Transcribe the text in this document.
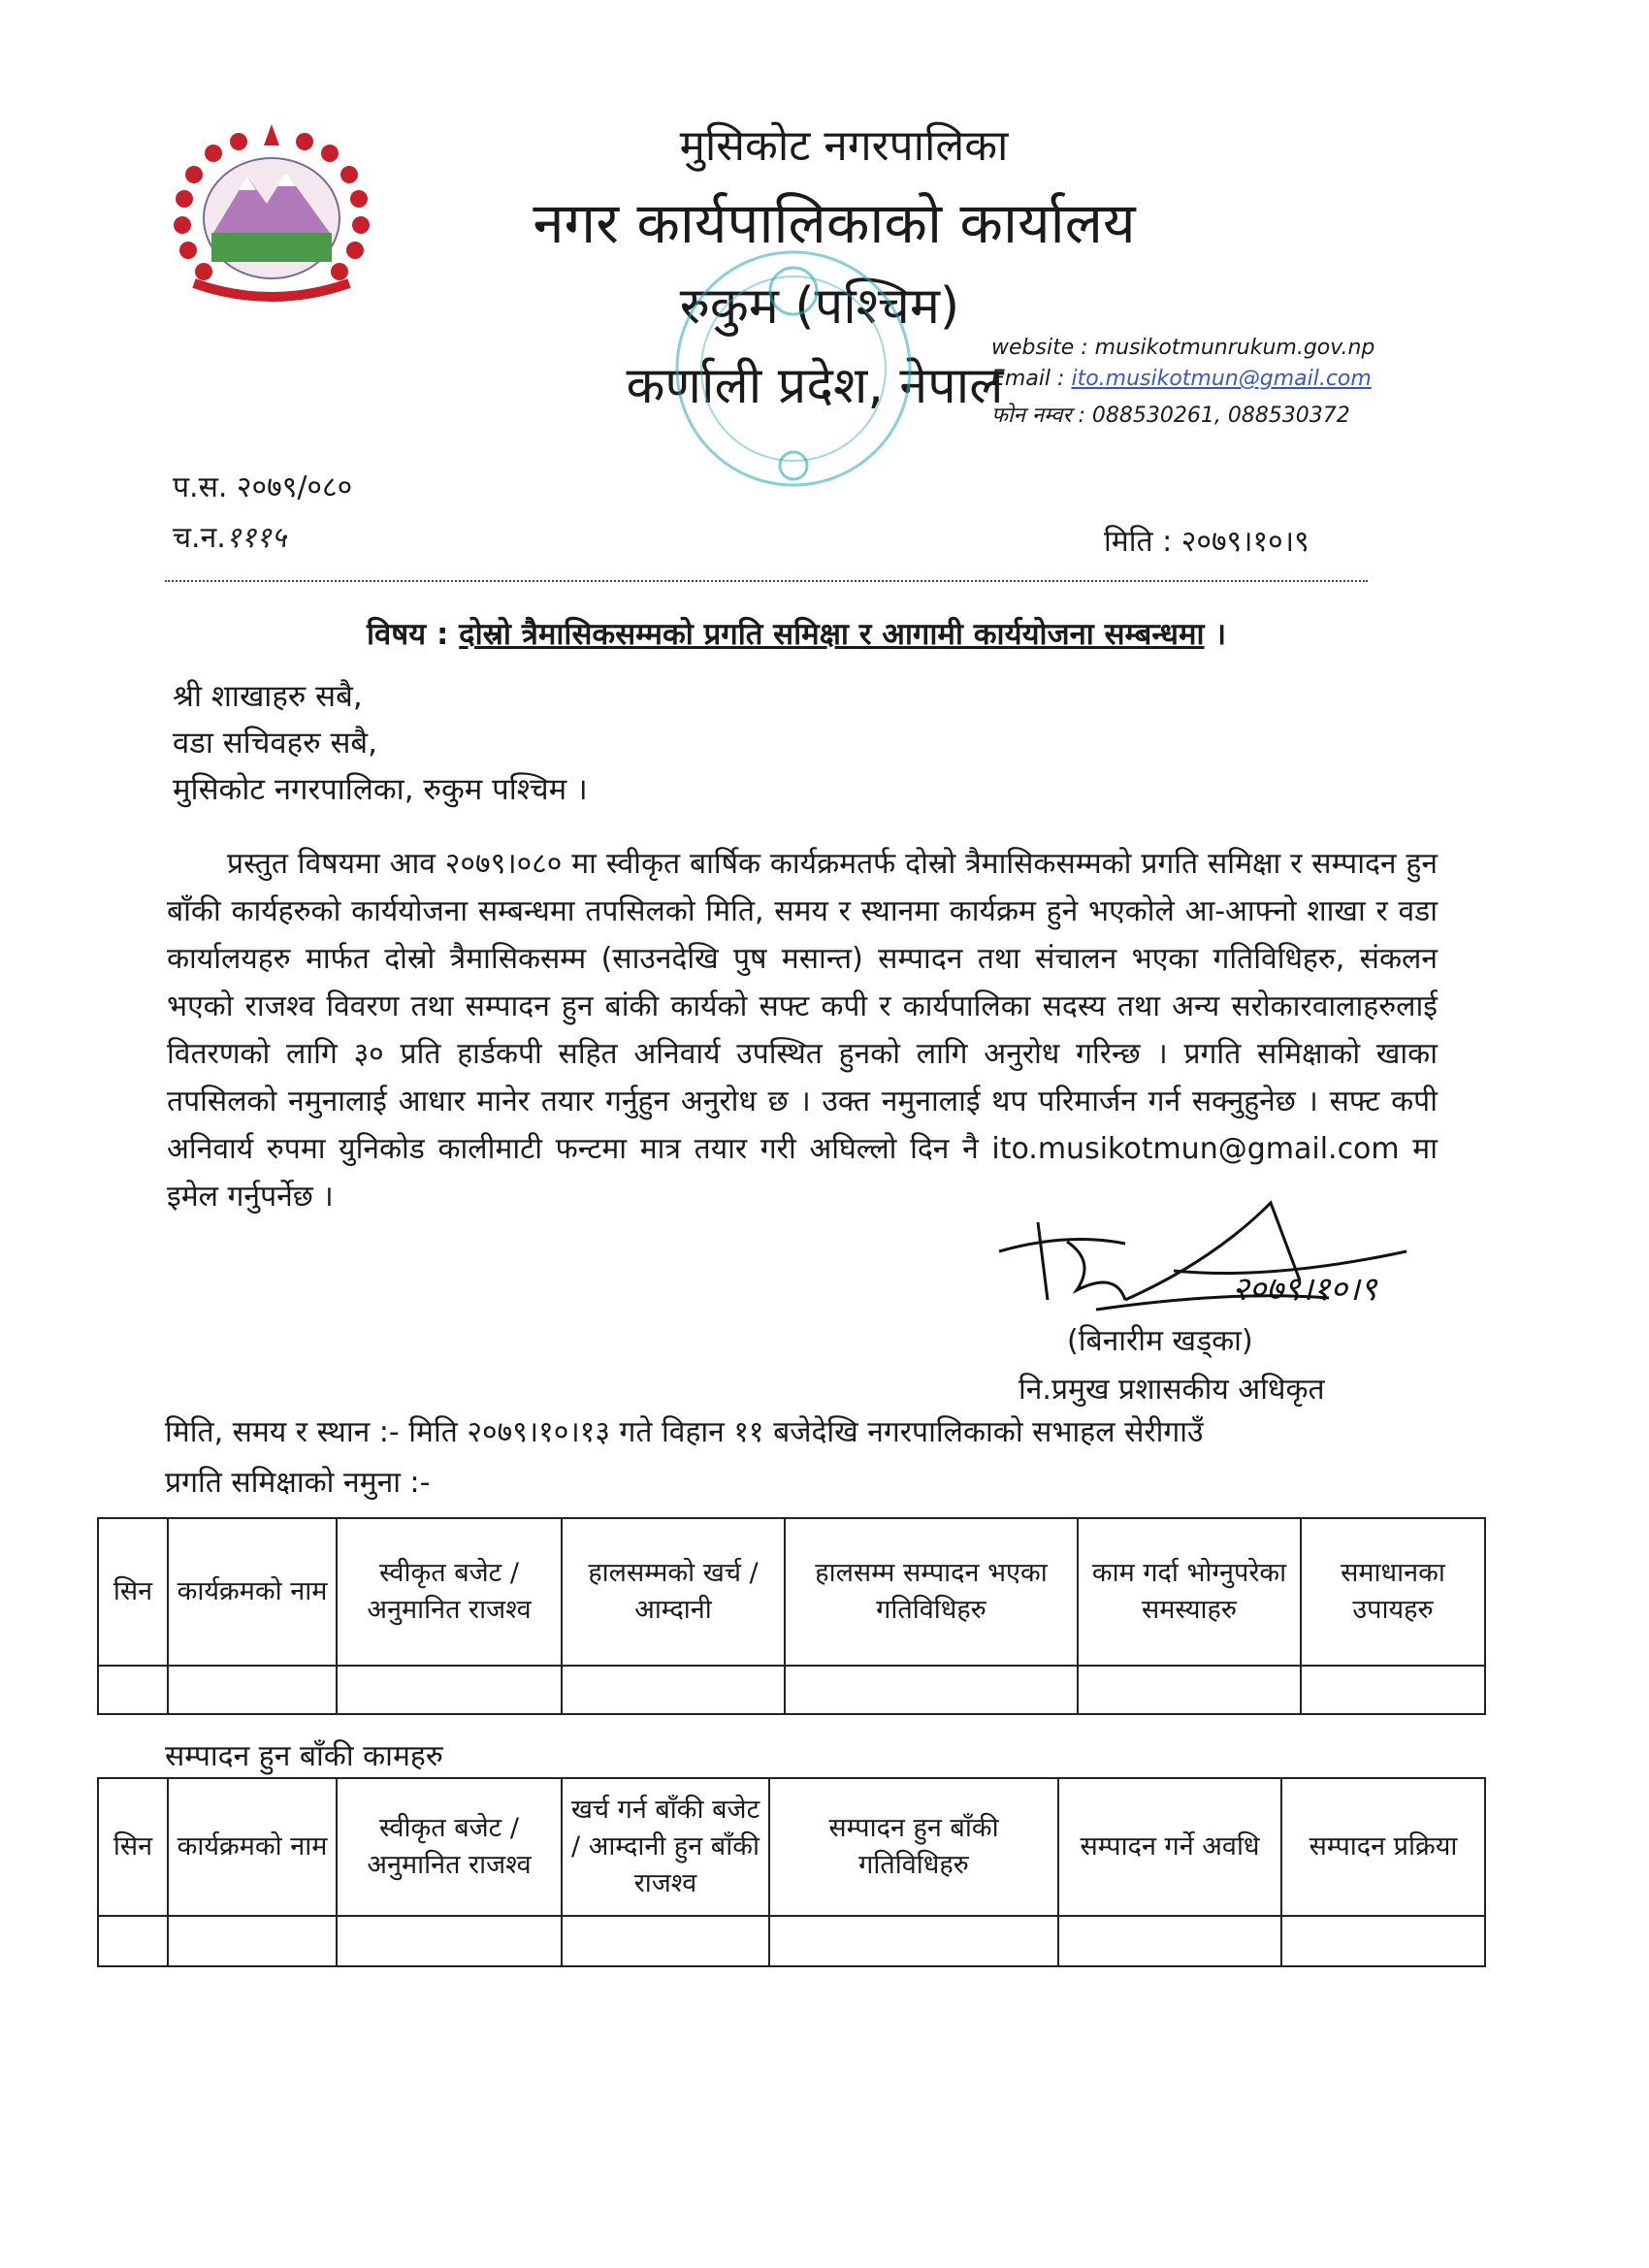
मुसिकोट नगरपालिका
नगर कार्यपालिकाको कार्यालय
रुकुम (पश्चिम)
कर्णाली प्रदेश, नेपाल
website : musikotmunrukum.gov.np
Email : ito.musikotmun@gmail.com
फोन नम्वर : 088530261, 088530372
प.स. २०७९/०८०
च.न.१११५	मिति : २०७९।१०।९
विषय : दोस्रो त्रैमासिकसम्मको प्रगति समिक्षा र आगामी कार्ययोजना सम्बन्धमा ।
श्री शाखाहरु सबै,
वडा सचिवहरु सबै,
मुसिकोट नगरपालिका, रुकुम पश्चिम ।
प्रस्तुत विषयमा आव २०७९।०८० मा स्वीकृत बार्षिक कार्यक्रमतर्फ दोस्रो त्रैमासिकसम्मको प्रगति समिक्षा र सम्पादन हुन बाँकी कार्यहरुको कार्ययोजना सम्बन्धमा तपसिलको मिति, समय र स्थानमा कार्यक्रम हुने भएकोले आ-आफ्नो शाखा र वडा कार्यालयहरु मार्फत दोस्रो त्रैमासिकसम्म (साउनदेखि पुष मसान्त) सम्पादन तथा संचालन भएका गतिविधिहरु, संकलन भएको राजश्व विवरण तथा सम्पादन हुन बांकी कार्यको सफ्ट कपी र कार्यपालिका सदस्य तथा अन्य सरोकारवालाहरुलाई वितरणको लागि ३० प्रति हार्डकपी सहित अनिवार्य उपस्थित हुनको लागि अनुरोध गरिन्छ । प्रगति समिक्षाको खाका तपसिलको नमुनालाई आधार मानेर तयार गर्नुहुन अनुरोध छ । उक्त नमुनालाई थप परिमार्जन गर्न सक्नुहुनेछ । सफ्ट कपी अनिवार्य रुपमा युनिकोड कालीमाटी फन्टमा मात्र तयार गरी अघिल्लो दिन नै ito.musikotmun@gmail.com मा इमेल गर्नुपर्नेछ ।
२०७९।१०।९
(बिनारीम खड्का)
नि.प्रमुख प्रशासकीय अधिकृत
मिति, समय र स्थान :- मिति २०७९।१०।१३ गते विहान ११ बजेदेखि नगरपालिकाको सभाहल सेरीगाउँ
प्रगति समिक्षाको नमुना :-
सिन	कार्यक्रमको नाम	स्वीकृत बजेट / अनुमानित राजश्व	हालसम्मको खर्च / आम्दानी	हालसम्म सम्पादन भएका गतिविधिहरु	काम गर्दा भोग्नुपरेका समस्याहरु	समाधानका उपायहरु

सम्पादन हुन बाँकी कामहरु
सिन	कार्यक्रमको नाम	स्वीकृत बजेट / अनुमानित राजश्व	खर्च गर्न बाँकी बजेट / आम्दानी हुन बाँकी राजश्व	सम्पादन हुन बाँकी गतिविधिहरु	सम्पादन गर्ने अवधि	सम्पादन प्रक्रिया
